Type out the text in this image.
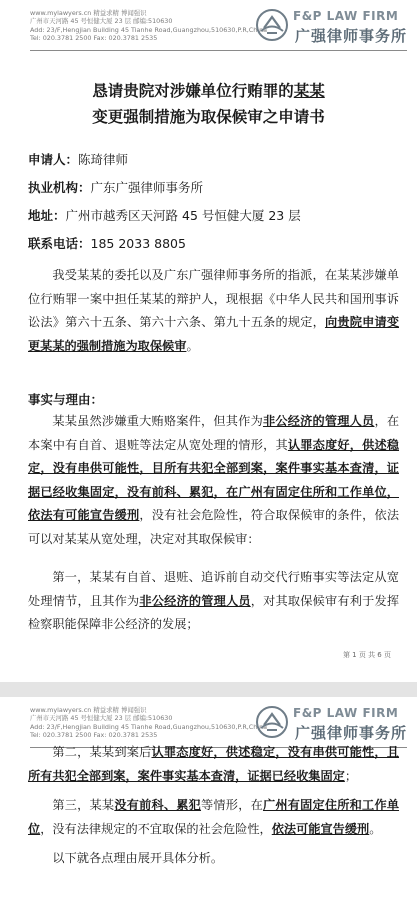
www.mylawyers.cn 精益求精 博闻强识
广州市天河路 45 号恒健大厦 23 层 邮编:510630
Add: 23/F,Hengjian Building 45 Tianhe Road,Guangzhou,510630,P.R,China
Tel: 020.3781 2500 Fax: 020.3781 2535
F&P LAW FIRM
广强律师事务所
恳请贵院对涉嫌单位行贿罪的某某
变更强制措施为取保候审之申请书
申请人：陈琦律师
执业机构：广东广强律师事务所
地址：广州市越秀区天河路 45 号恒健大厦 23 层
联系电话：185 2033 8805
我受某某的委托以及广东广强律师事务所的指派，在某某涉嫌单位行贿罪一案中担任某某的辩护人，现根据《中华人民共和国刑事诉讼法》第六十五条、第六十六条、第九十五条的规定，向贵院申请变更某某的强制措施为取保候审。
事实与理由：
某某虽然涉嫌重大贿赂案件，但其作为非公经济的管理人员，在本案中有自首、退赃等法定从宽处理的情形，其认罪态度好，供述稳定，没有串供可能性，目所有共犯全部到案，案件事实基本查清，证据已经收集固定，没有前科、累犯，在广州有固定住所和工作单位，依法有可能宣告缓刑，没有社会危险性，符合取保候审的条件，依法可以对某某从宽处理，决定对其取保候审：
第一，某某有自首、退赃、追诉前自动交代行贿事实等法定从宽处理情节，且其作为非公经济的管理人员，对其取保候审有利于发挥检察职能保障非公经济的发展；
第 1 页 共 6 页
www.mylawyers.cn 精益求精 博闻强识
广州市天河路 45 号恒健大厦 23 层 邮编:510630
Add: 23/F,Hengjian Building 45 Tianhe Road,Guangzhou,510630,P.R,China
Tel: 020.3781 2500 Fax: 020.3781 2535
F&P LAW FIRM
广强律师事务所
第二，某某到案后认罪态度好，供述稳定，没有串供可能性，且所有共犯全部到案，案件事实基本查清，证据已经收集固定；
第三，某某没有前科、累犯等情形，在广州有固定住所和工作单位，没有法律规定的不宜取保的社会危险性，依法可能宣告缓刑。
以下就各点理由展开具体分析。
